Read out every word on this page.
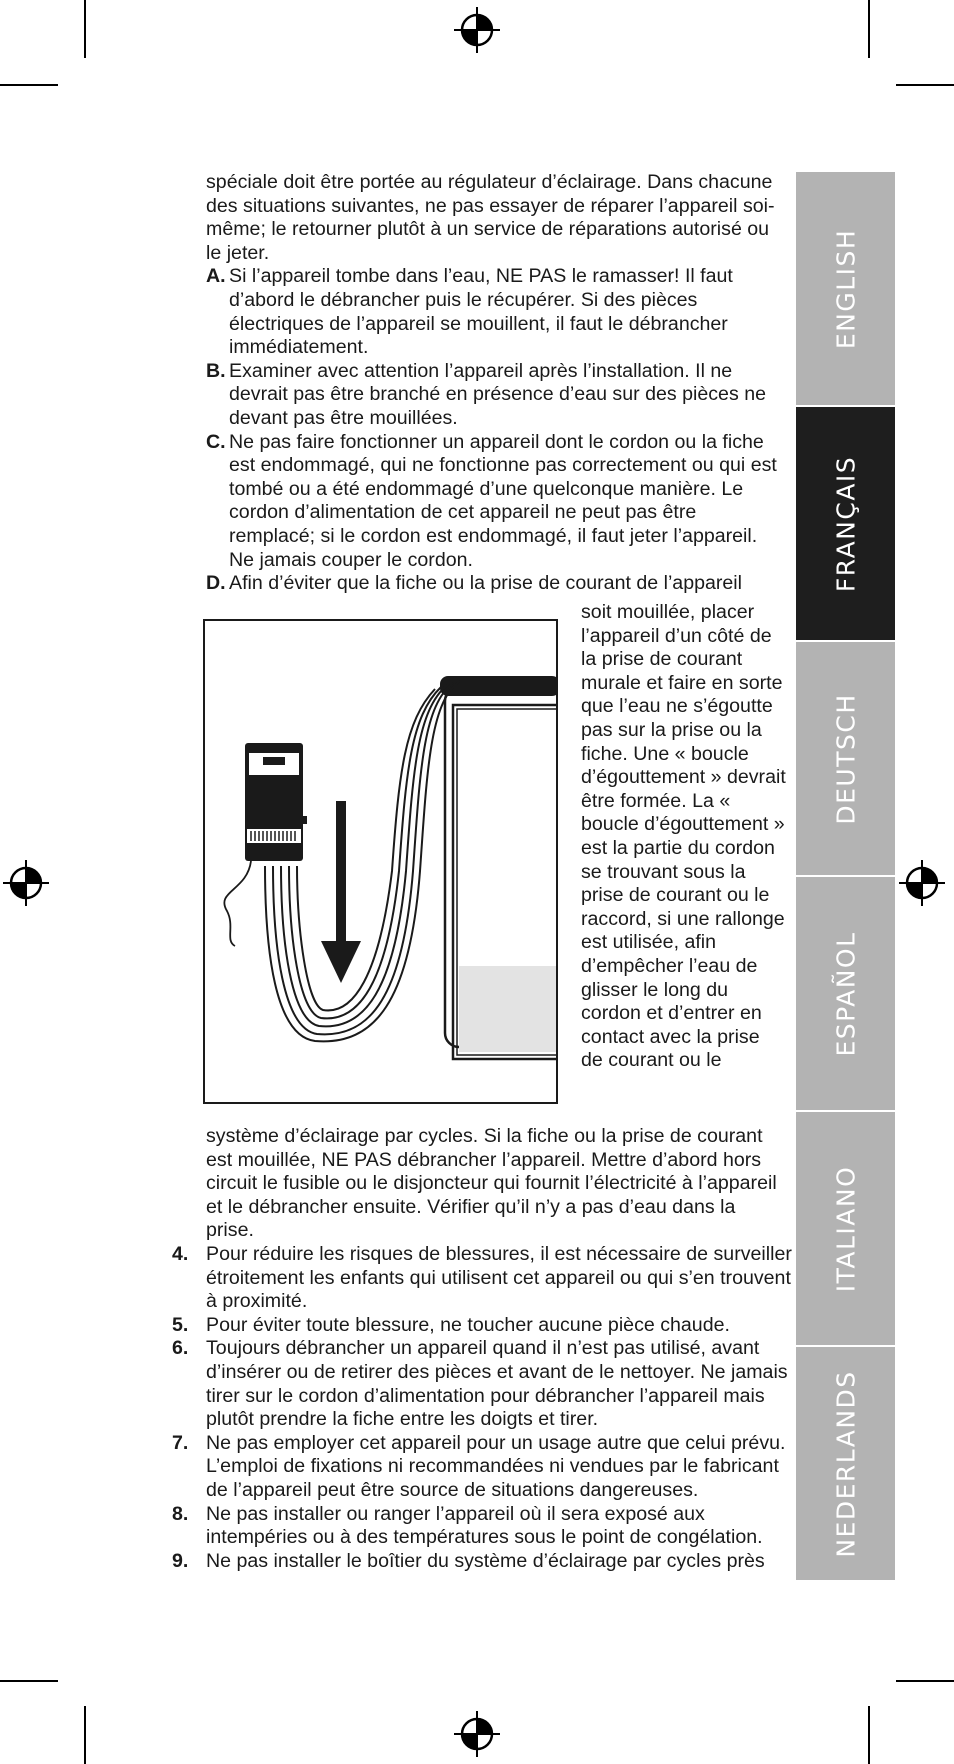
ENGLISH
FRANÇAIS
DEUTSCH
ESPAÑOL
ITALIANO
NEDERLANDS

spéciale doit être portée au régulateur d’éclairage. Dans chacune des situations suivantes, ne pas essayer de réparer l’appareil soi-même; le retourner plutôt à un service de réparations autorisé ou le jeter.

A. Si l’appareil tombe dans l’eau, NE PAS le ramasser! Il faut d’abord le débrancher puis le récupérer. Si des pièces électriques de l’appareil se mouillent, il faut le débrancher immédiatement.
B. Examiner avec attention l’appareil après l’installation. Il ne devrait pas être branché en présence d’eau sur des pièces ne devant pas être mouillées.
C. Ne pas faire fonctionner un appareil dont le cordon ou la fiche est endommagé, qui ne fonctionne pas correctement ou qui est tombé ou a été endommagé d’une quelconque manière. Le cordon d’alimentation de cet appareil ne peut pas être remplacé; si le cordon est endommagé, il faut jeter l’appareil. Ne jamais couper le cordon.
D. Afin d’éviter que la fiche ou la prise de courant de l’appareil
soit mouillée, placer l’appareil d’un côté de la prise de courant murale et faire en sorte que l’eau ne s’égoutte pas sur la prise ou la fiche. Une « boucle d’égouttement » devrait être formée. La « boucle d’égouttement » est la partie du cordon se trouvant sous la prise de courant ou le raccord, si une rallonge est utilisée, afin d’empêcher l’eau de glisser le long du cordon et d’entrer en contact avec la prise de courant ou le
système d’éclairage par cycles. Si la fiche ou la prise de courant est mouillée, NE PAS débrancher l’appareil. Mettre d’abord hors circuit le fusible ou le disjoncteur qui fournit l’électricité à l’appareil et le débrancher ensuite. Vérifier qu’il n’y a pas d’eau dans la prise.
4. Pour réduire les risques de blessures, il est nécessaire de surveiller étroitement les enfants qui utilisent cet appareil ou qui s’en trouvent à proximité.
5. Pour éviter toute blessure, ne toucher aucune pièce chaude.
6. Toujours débrancher un appareil quand il n’est pas utilisé, avant d’insérer ou de retirer des pièces et avant de le nettoyer. Ne jamais tirer sur le cordon d’alimentation pour débrancher l’appareil mais plutôt prendre la fiche entre les doigts et tirer.
7. Ne pas employer cet appareil pour un usage autre que celui prévu. L’emploi de fixations ni recommandées ni vendues par le fabricant de l’appareil peut être source de situations dangereuses.
8. Ne pas installer ou ranger l’appareil où il sera exposé aux intempéries ou à des températures sous le point de congélation.
9. Ne pas installer le boîtier du système d’éclairage par cycles près
